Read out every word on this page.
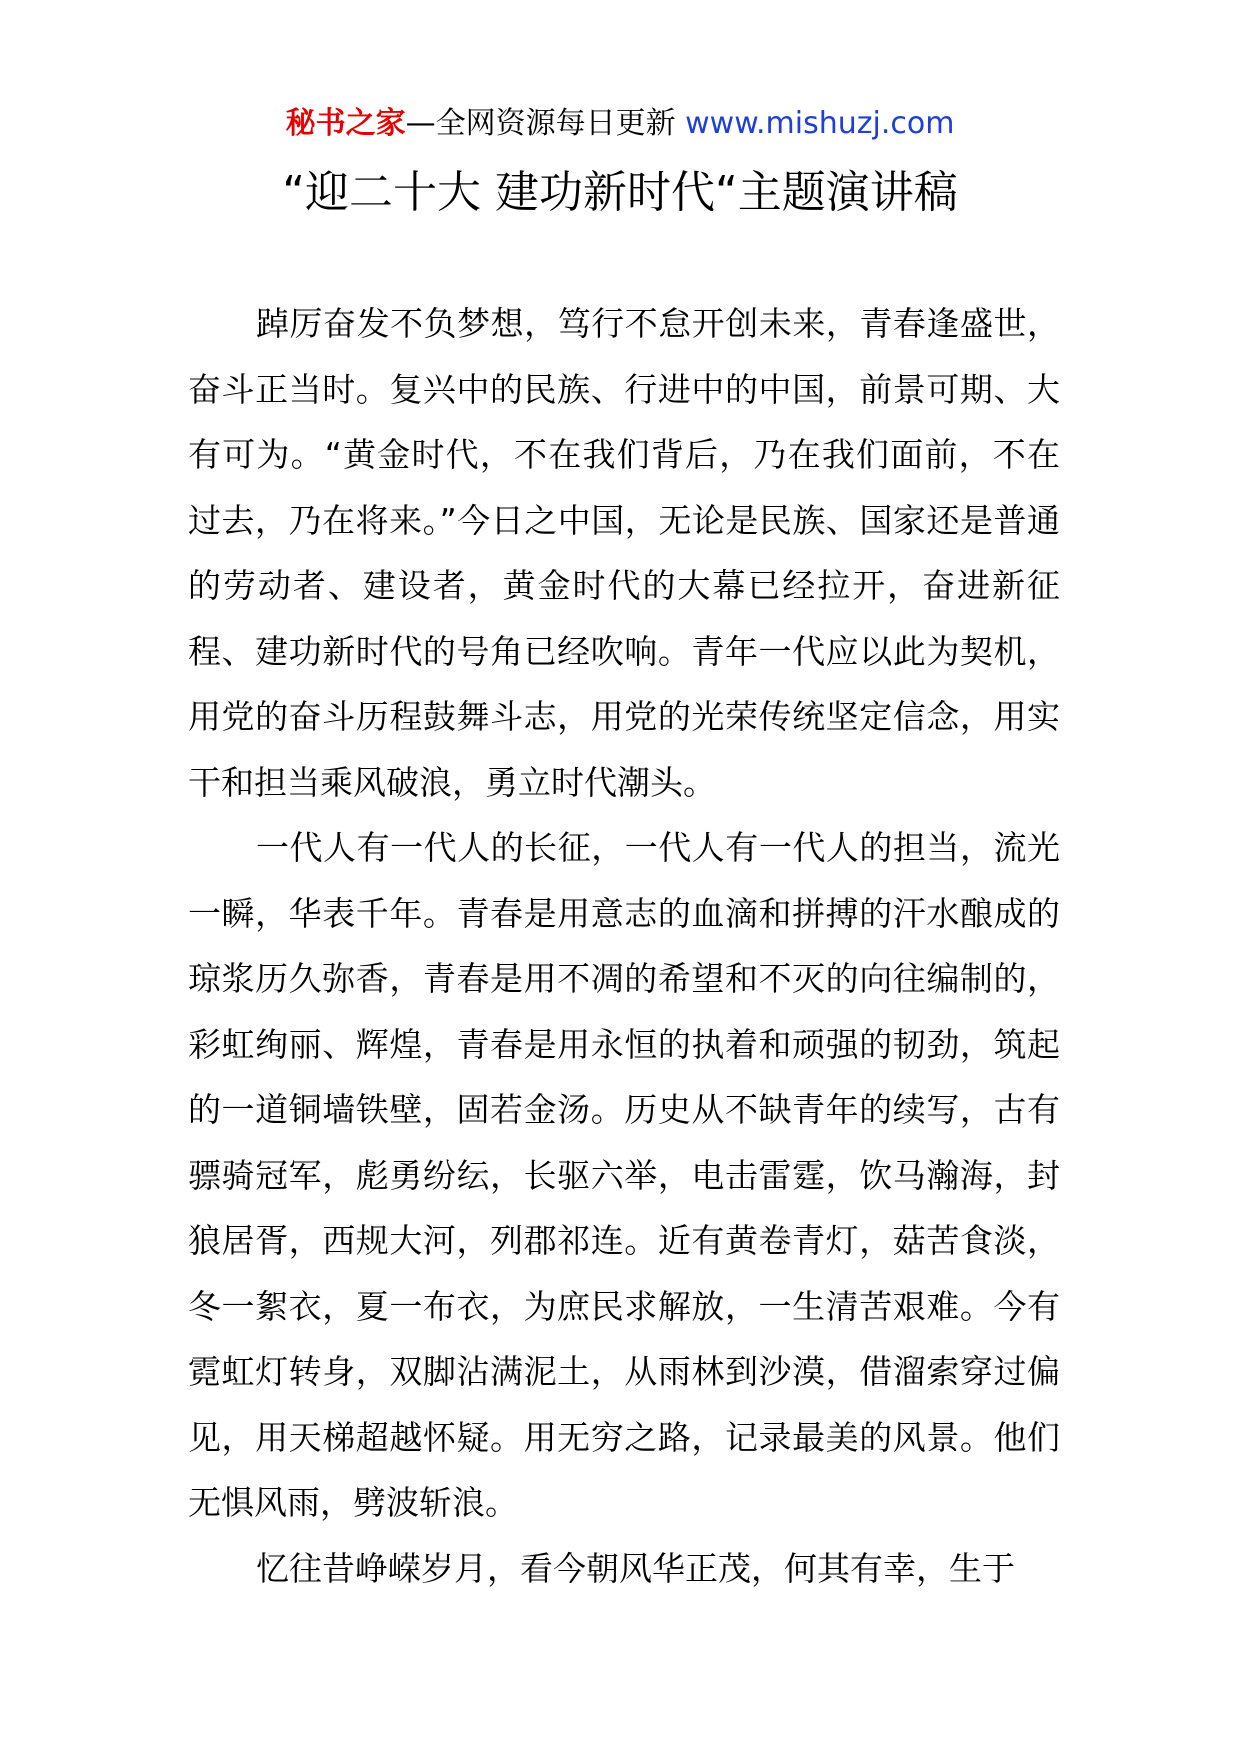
秘书之家—全网资源每日更新 www.mishuzj.com
“迎二十大 建功新时代“主题演讲稿

踔厉奋发不负梦想，笃行不怠开创未来，青春逢盛世，奋斗正当时。复兴中的民族、行进中的中国，前景可期、大有可为。“黄金时代，不在我们背后，乃在我们面前，不在过去，乃在将来。”今日之中国，无论是民族、国家还是普通的劳动者、建设者，黄金时代的大幕已经拉开，奋进新征程、建功新时代的号角已经吹响。青年一代应以此为契机，用党的奋斗历程鼓舞斗志，用党的光荣传统坚定信念，用实干和担当乘风破浪，勇立时代潮头。

一代人有一代人的长征，一代人有一代人的担当，流光一瞬，华表千年。青春是用意志的血滴和拼搏的汗水酿成的琼浆历久弥香，青春是用不凋的希望和不灭的向往编制的，彩虹绚丽、辉煌，青春是用永恒的执着和顽强的韧劲，筑起的一道铜墙铁壁，固若金汤。历史从不缺青年的续写，古有骠骑冠军，彪勇纷纭，长驱六举，电击雷霆，饮马瀚海，封狼居胥，西规大河，列郡祁连。近有黄卷青灯，菇苦食淡，冬一絮衣，夏一布衣，为庶民求解放，一生清苦艰难。今有霓虹灯转身，双脚沾满泥土，从雨林到沙漠，借溜索穿过偏见，用天梯超越怀疑。用无穷之路，记录最美的风景。他们无惧风雨，劈波斩浪。

忆往昔峥嵘岁月，看今朝风华正茂，何其有幸，生于
